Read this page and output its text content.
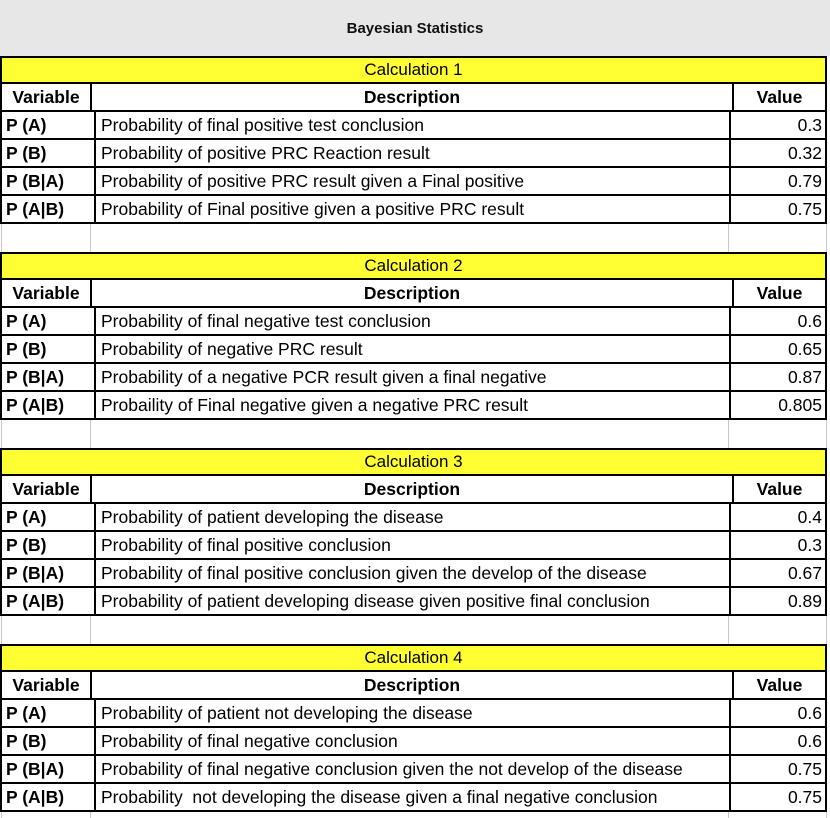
Bayesian Statistics
Calculation 1
Variable	Description	Value
P (A)	Probability of final positive test conclusion	0.3
P (B)	Probability of positive PRC Reaction result	0.32
P (B|A)	Probability of positive PRC result given a Final positive	0.79
P (A|B)	Probability of Final positive given a positive PRC result	0.75
Calculation 2
Variable	Description	Value
P (A)	Probability of final negative test conclusion	0.6
P (B)	Probability of negative PRC result	0.65
P (B|A)	Probability of a negative PCR result given a final negative	0.87
P (A|B)	Probaility of Final negative given a negative PRC result	0.805
Calculation 3
Variable	Description	Value
P (A)	Probability of patient developing the disease	0.4
P (B)	Probability of final positive conclusion	0.3
P (B|A)	Probability of final positive conclusion given the develop of the disease	0.67
P (A|B)	Probability of patient developing disease given positive final conclusion	0.89
Calculation 4
Variable	Description	Value
P (A)	Probability of patient not developing the disease	0.6
P (B)	Probability of final negative conclusion	0.6
P (B|A)	Probability of final negative conclusion given the not develop of the disease	0.75
P (A|B)	Probability  not developing the disease given a final negative conclusion	0.75
